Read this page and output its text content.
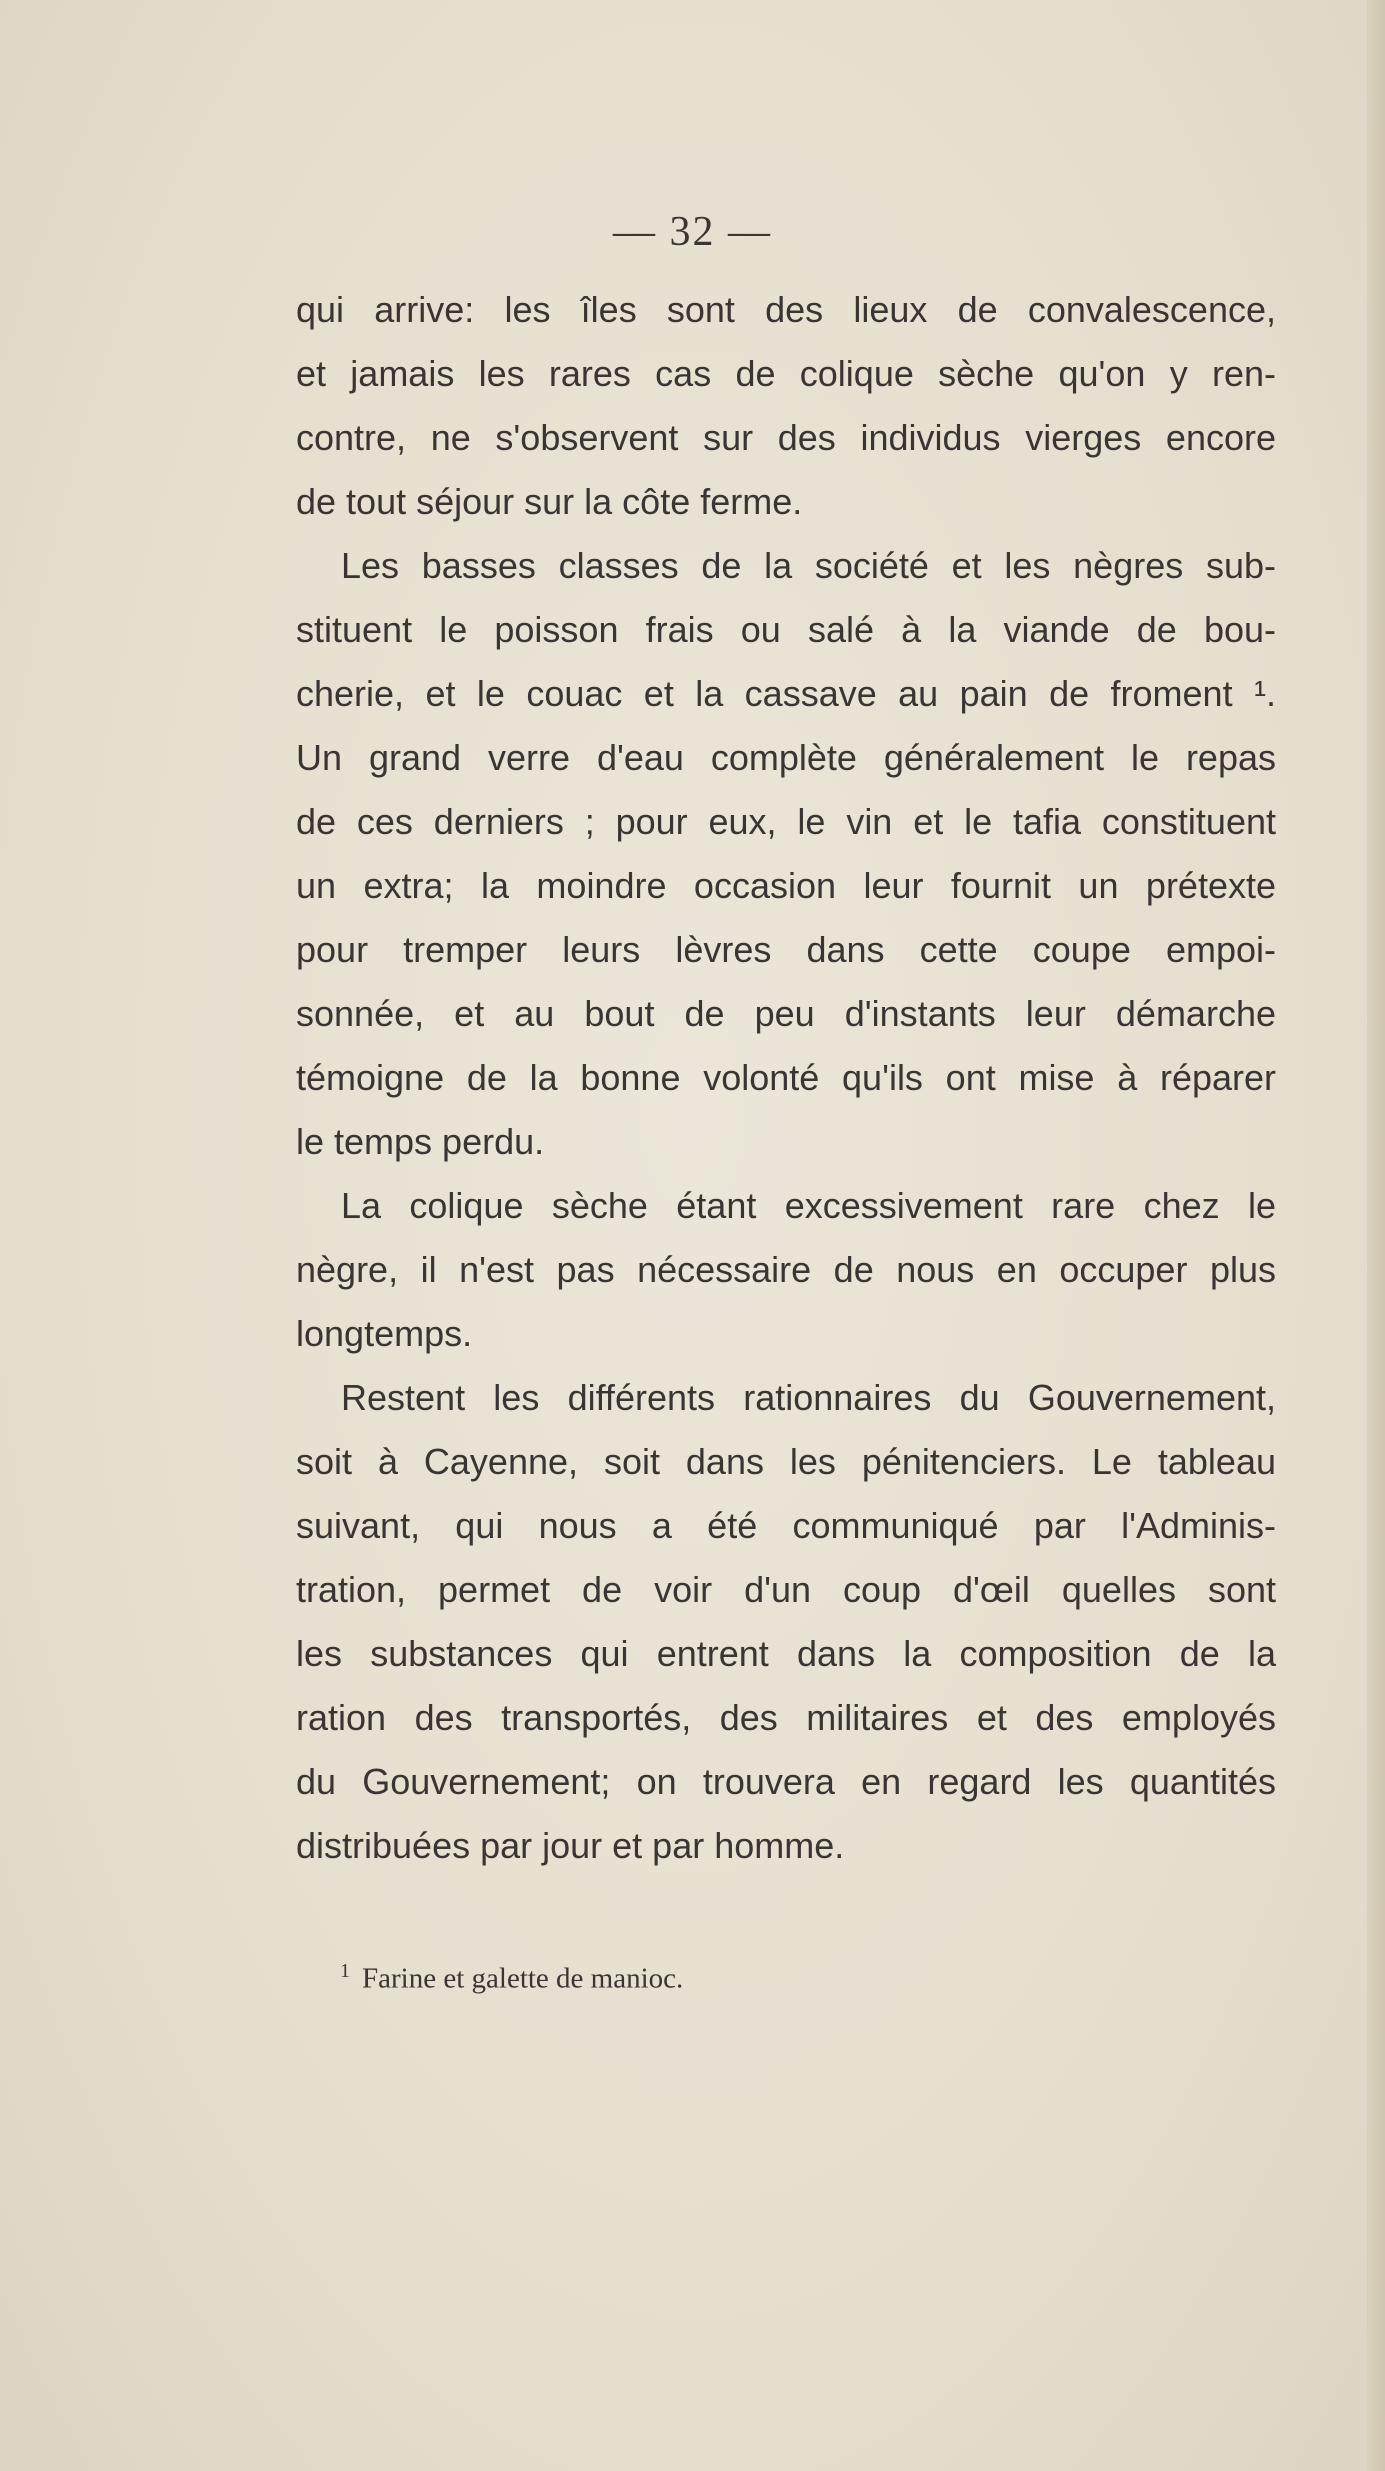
— 32 —
qui arrive: les îles sont des lieux de convalescence,
et jamais les rares cas de colique sèche qu'on y ren-
contre, ne s'observent sur des individus vierges encore
de tout séjour sur la côte ferme.
Les basses classes de la société et les nègres sub-
stituent le poisson frais ou salé à la viande de bou-
cherie, et le couac et la cassave au pain de froment ¹.
Un grand verre d'eau complète généralement le repas
de ces derniers ; pour eux, le vin et le tafia constituent
un extra; la moindre occasion leur fournit un prétexte
pour tremper leurs lèvres dans cette coupe empoi-
sonnée, et au bout de peu d'instants leur démarche
témoigne de la bonne volonté qu'ils ont mise à réparer
le temps perdu.
La colique sèche étant excessivement rare chez le
nègre, il n'est pas nécessaire de nous en occuper plus
longtemps.
Restent les différents rationnaires du Gouvernement,
soit à Cayenne, soit dans les pénitenciers. Le tableau
suivant, qui nous a été communiqué par l'Adminis-
tration, permet de voir d'un coup d'œil quelles sont
les substances qui entrent dans la composition de la
ration des transportés, des militaires et des employés
du Gouvernement; on trouvera en regard les quantités
distribuées par jour et par homme.
$^1$ Farine et galette de manioc.
